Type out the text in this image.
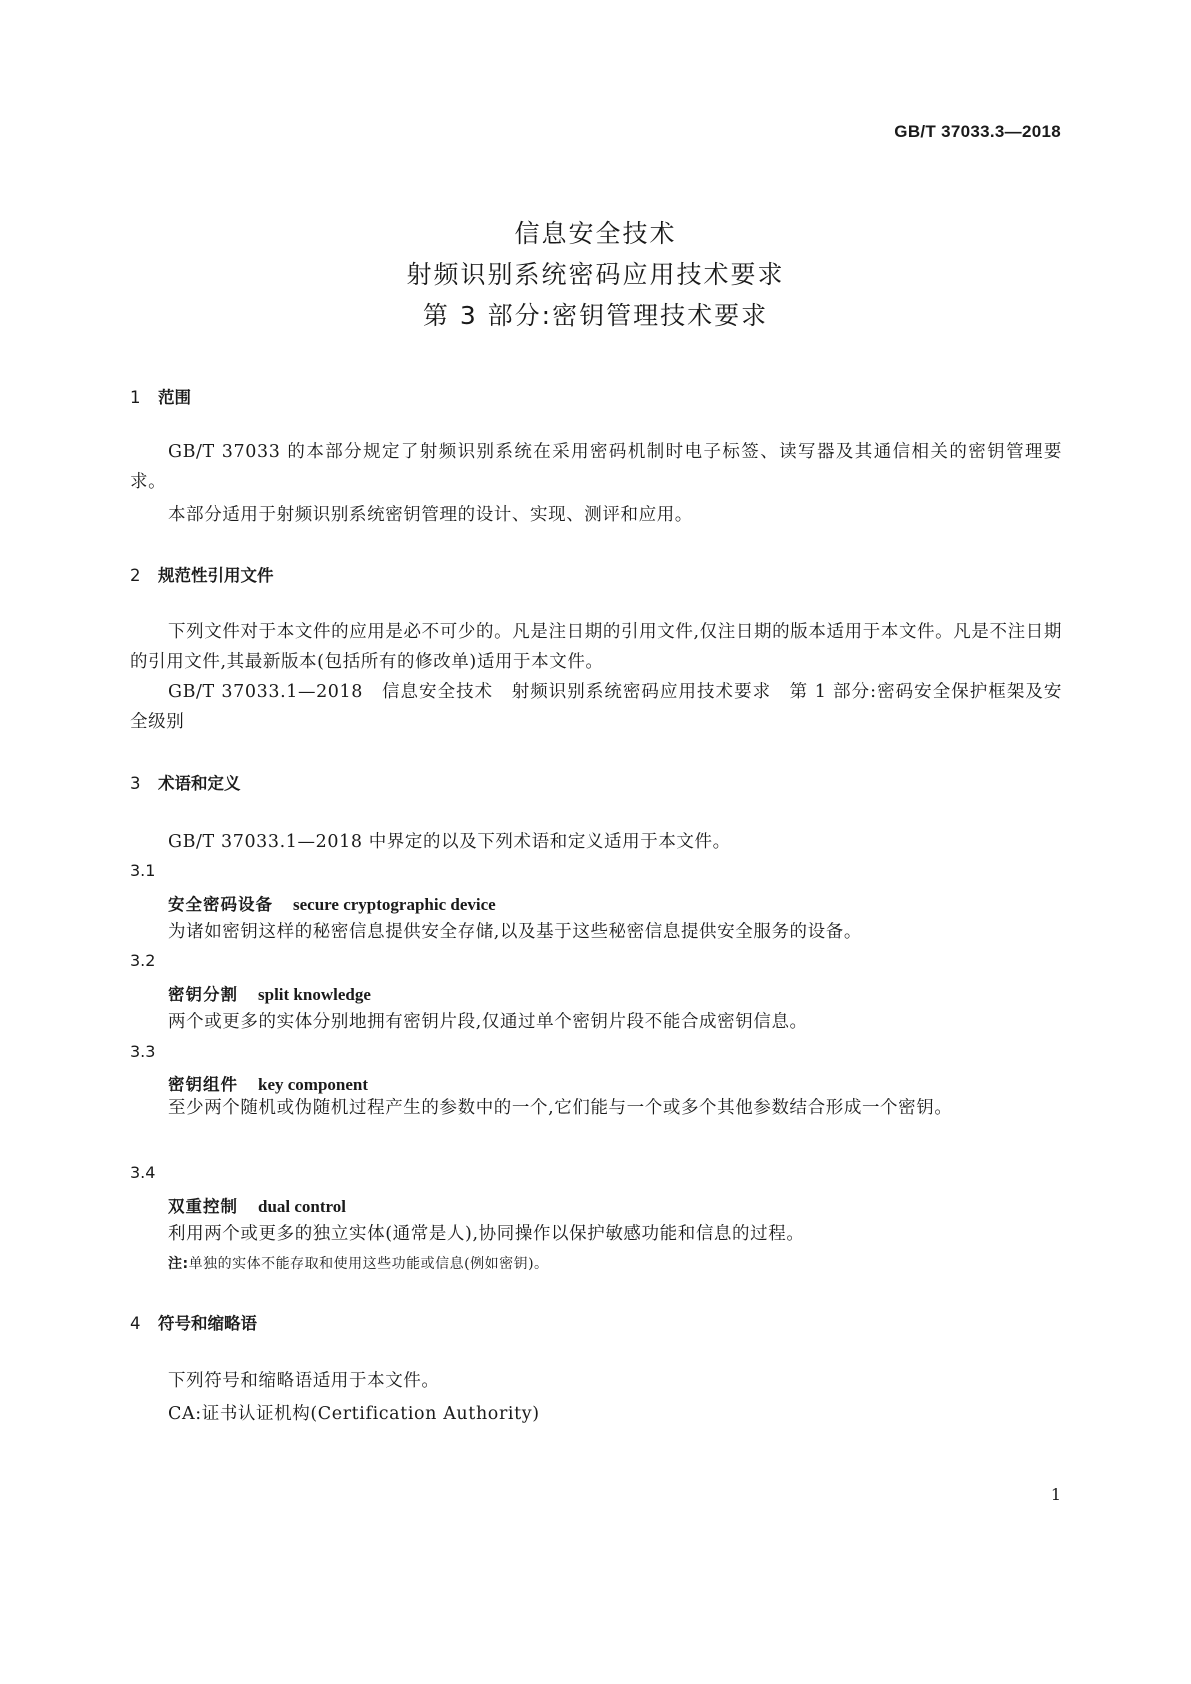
GB/T 37033.3—2018
信息安全技术
射频识别系统密码应用技术要求
第 3 部分:密钥管理技术要求
1 范围
GB/T 37033 的本部分规定了射频识别系统在采用密码机制时电子标签、读写器及其通信相关的密钥管理要求。
本部分适用于射频识别系统密钥管理的设计、实现、测评和应用。
2 规范性引用文件
下列文件对于本文件的应用是必不可少的。凡是注日期的引用文件,仅注日期的版本适用于本文件。凡是不注日期的引用文件,其最新版本(包括所有的修改单)适用于本文件。
GB/T 37033.1—2018　信息安全技术　射频识别系统密码应用技术要求　第 1 部分:密码安全保护框架及安全级别
3 术语和定义
GB/T 37033.1—2018 中界定的以及下列术语和定义适用于本文件。
3.1
安全密码设备 secure cryptographic device
为诸如密钥这样的秘密信息提供安全存储,以及基于这些秘密信息提供安全服务的设备。
3.2
密钥分割 split knowledge
两个或更多的实体分别地拥有密钥片段,仅通过单个密钥片段不能合成密钥信息。
3.3
密钥组件 key component
至少两个随机或伪随机过程产生的参数中的一个,它们能与一个或多个其他参数结合形成一个密钥。
3.4
双重控制 dual control
利用两个或更多的独立实体(通常是人),协同操作以保护敏感功能和信息的过程。
注:单独的实体不能存取和使用这些功能或信息(例如密钥)。
4 符号和缩略语
下列符号和缩略语适用于本文件。
CA:证书认证机构(Certification Authority)
1
